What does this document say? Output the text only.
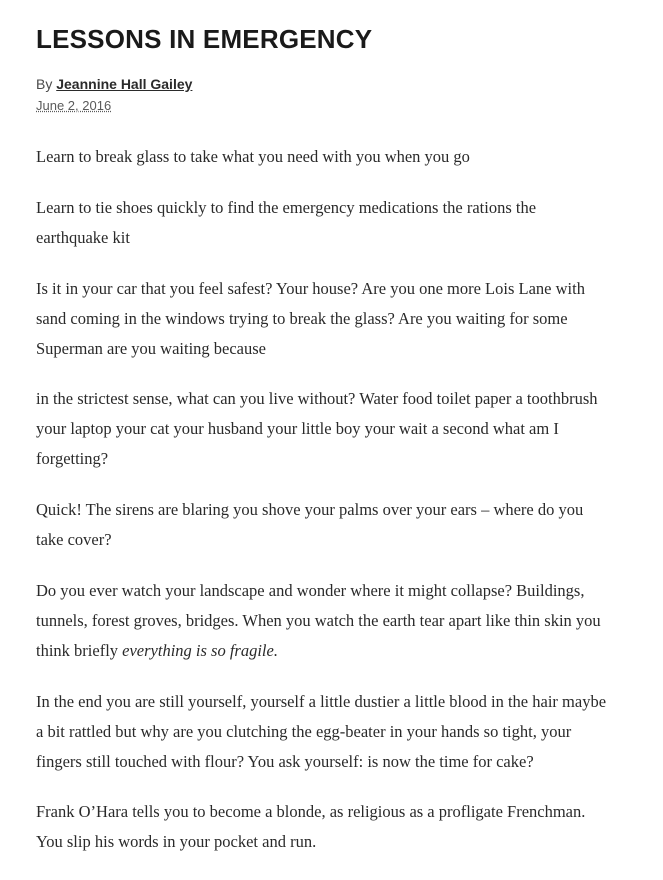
LESSONS IN EMERGENCY
By Jeannine Hall Gailey
June 2, 2016

Learn to break glass to take what you need with you when you go

Learn to tie shoes quickly to find the emergency medications the rations the
earthquake kit

Is it in your car that you feel safest? Your house? Are you one more Lois Lane with
sand coming in the windows trying to break the glass? Are you waiting for some
Superman are you waiting because

in the strictest sense, what can you live without? Water food toilet paper a toothbrush
your laptop your cat your husband your little boy your wait a second what am I
forgetting?

Quick! The sirens are blaring you shove your palms over your ears – where do you
take cover?

Do you ever watch your landscape and wonder where it might collapse? Buildings,
tunnels, forest groves, bridges. When you watch the earth tear apart like thin skin you
think briefly everything is so fragile.

In the end you are still yourself, yourself a little dustier a little blood in the hair maybe
a bit rattled but why are you clutching the egg-beater in your hands so tight, your
fingers still touched with flour? You ask yourself: is now the time for cake?

Frank O’Hara tells you to become a blonde, as religious as a profligate Frenchman.
You slip his words in your pocket and run.
